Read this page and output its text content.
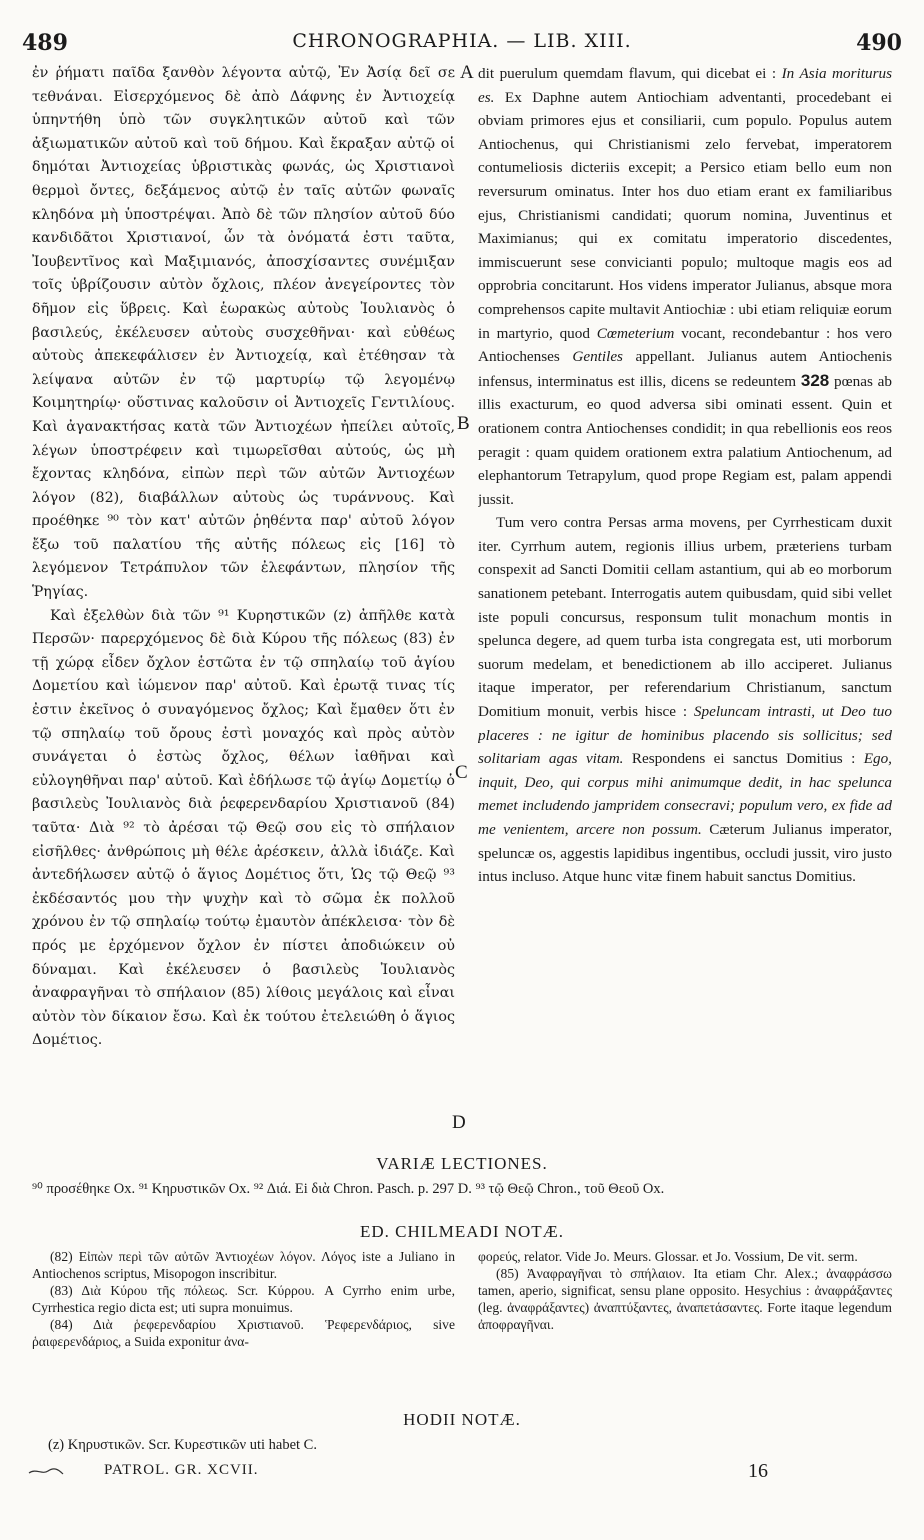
489	CHRONOGRAPHIA. — LIB. XIII.	490

ἐν ῥήματι παῖδα ξανθὸν λέγοντα αὐτῷ, Ἐν Ἀσίᾳ δεῖ σε τεθνάναι. Εἰσερχόμενος δὲ ἀπὸ Δάφνης ἐν Ἀντιοχείᾳ ὑπηντήθη ὑπὸ τῶν συγκλητικῶν αὐτοῦ καὶ τῶν ἀξιωματικῶν αὐτοῦ καὶ τοῦ δήμου. Καὶ ἔκραξαν αὐτῷ οἱ δημόται Ἀντιοχείας ὑβριστικὰς φωνάς, ὡς Χριστιανοὶ θερμοὶ ὄντες, δεξάμενος αὐτῷ ἐν ταῖς αὐτῶν φωναῖς κληδόνα μὴ ὑποστρέψαι. Ἀπὸ δὲ τῶν πλησίον αὐτοῦ δύο κανδιδᾶτοι Χριστιανοί, ὧν τὰ ὀνόματά ἐστι ταῦτα, Ἰουβεντῖνος καὶ Μαξιμιανός, ἀποσχίσαντες συνέμιξαν τοῖς ὑβρίζουσιν αὐτὸν ὄχλοις, πλέον ἀνεγείροντες τὸν δῆμον εἰς ὕβρεις. Καὶ ἑωρακὼς αὐτοὺς Ἰουλιανὸς ὁ βασιλεύς, ἐκέλευσεν αὐτοὺς συσχεθῆναι· καὶ εὐθέως αὐτοὺς ἀπεκεφάλισεν ἐν Ἀντιοχείᾳ, καὶ ἐτέθησαν τὰ λείψανα αὐτῶν ἐν τῷ μαρτυρίῳ τῷ λεγομένῳ Κοιμητηρίῳ· οὕστινας καλοῦσιν οἱ Ἀντιοχεῖς Γεντιλίους. Καὶ ἀγανακτήσας κατὰ τῶν Ἀντιοχέων ἠπείλει αὐτοῖς, λέγων ὑποστρέφειν καὶ τιμωρεῖσθαι αὐτούς, ὡς μὴ ἔχοντας κληδόνα, εἰπὼν περὶ τῶν αὐτῶν Ἀντιοχέων λόγον (82), διαβάλλων αὐτοὺς ὡς τυράννους. Καὶ προέθηκε ⁹⁰ τὸν κατ' αὐτῶν ῥηθέντα παρ' αὐτοῦ λόγον ἔξω τοῦ παλατίου τῆς αὐτῆς πόλεως εἰς [16] τὸ λεγόμενον Τετράπυλον τῶν ἐλεφάντων, πλησίον τῆς Ῥηγίας.

Καὶ ἐξελθὼν διὰ τῶν ⁹¹ Κυρηστικῶν (z) ἀπῆλθε κατὰ Περσῶν· παρερχόμενος δὲ διὰ Κύρου τῆς πόλεως (83) ἐν τῇ χώρᾳ εἶδεν ὄχλον ἑστῶτα ἐν τῷ σπηλαίῳ τοῦ ἁγίου Δομετίου καὶ ἰώμενον παρ' αὐτοῦ. Καὶ ἐρωτᾷ τινας τίς ἐστιν ἐκεῖνος ὁ συναγόμενος ὄχλος; Καὶ ἔμαθεν ὅτι ἐν τῷ σπηλαίῳ τοῦ ὄρους ἐστὶ μοναχός καὶ πρὸς αὐτὸν συνάγεται ὁ ἐστὼς ὄχλος, θέλων ἰαθῆναι καὶ εὐλογηθῆναι παρ' αὐτοῦ. Καὶ ἐδήλωσε τῷ ἁγίῳ Δομετίῳ ὁ βασιλεὺς Ἰουλιανὸς διὰ ῥεφερενδαρίου Χριστιανοῦ (84) ταῦτα· Διὰ ⁹² τὸ ἀρέσαι τῷ Θεῷ σου εἰς τὸ σπήλαιον εἰσῆλθες· ἀνθρώποις μὴ θέλε ἀρέσκειν, ἀλλὰ ἰδιάζε. Καὶ ἀντεδήλωσεν αὐτῷ ὁ ἅγιος Δομέτιος ὅτι, Ὡς τῷ Θεῷ ⁹³ ἐκδέσαντός μου τὴν ψυχὴν καὶ τὸ σῶμα ἐκ πολλοῦ χρόνου ἐν τῷ σπηλαίῳ τούτῳ ἐμαυτὸν ἀπέκλεισα· τὸν δὲ πρός με ἐρχόμενον ὄχλον ἐν πίστει ἀποδιώκειν οὐ δύναμαι. Καὶ ἐκέλευσεν ὁ βασιλεὺς Ἰουλιανὸς ἀναφραγῆναι τὸ σπήλαιον (85) λίθοις μεγάλοις καὶ εἶναι αὐτὸν τὸν δίκαιον ἔσω. Καὶ ἐκ τούτου ἐτελειώθη ὁ ἅγιος Δομέτιος.

A
B
C
D

dit puerulum quemdam flavum, qui dicebat ei : In Asia moriturus es. Ex Daphne autem Antiochiam adventanti, procedebant ei obviam primores ejus et consiliarii, cum populo. Populus autem Antiochenus, qui Christianismi zelo fervebat, imperatorem contumeliosis dicteriis excepit; a Persico etiam bello eum non reversurum ominatus. Inter hos duo etiam erant ex familiaribus ejus, Christianismi candidati; quorum nomina, Juventinus et Maximianus; qui ex comitatu imperatorio discedentes, immiscuerunt sese convicianti populo; multoque magis eos ad opprobria concitarunt. Hos videns imperator Julianus, absque mora comprehensos capite multavit Antiochiæ : ubi etiam reliquiæ eorum in martyrio, quod Cœmeterium vocant, recondebantur : hos vero Antiochenses Gentiles appellant. Julianus autem Antiochenis infensus, interminatus est illis, dicens se redeuntem 328 pœnas ab illis exacturum, eo quod adversa sibi ominati essent. Quin et orationem contra Antiochenses condidit; in qua rebellionis eos reos peragit : quam quidem orationem extra palatium Antiochenum, ad elephantorum Tetrapylum, quod prope Regiam est, palam appendi jussit.

Tum vero contra Persas arma movens, per Cyrrhesticam duxit iter. Cyrrhum autem, regionis illius urbem, præteriens turbam conspexit ad Sancti Domitii cellam astantium, qui ab eo morborum sanationem petebant. Interrogatis autem quibusdam, quid sibi vellet iste populi concursus, responsum tulit monachum montis in spelunca degere, ad quem turba ista congregata est, uti morborum suorum medelam, et benedictionem ab illo acciperet. Julianus itaque imperator, per referendarium Christianum, sanctum Domitium monuit, verbis hisce : Speluncam intrasti, ut Deo tuo placeres : ne igitur de hominibus placendo sis sollicitus; sed solitariam agas vitam. Respondens ei sanctus Domitius : Ego, inquit, Deo, qui corpus mihi animumque dedit, in hac spelunca memet includendo jampridem consecravi; populum vero, ex fide ad me venientem, arcere non possum. Cæterum Julianus imperator, speluncæ os, aggestis lapidibus ingentibus, occludi jussit, viro justo intus incluso. Atque hunc vitæ finem habuit sanctus Domitius.

VARIÆ LECTIONES.
⁹⁰ προσέθηκε Ox. ⁹¹ Κηρυστικῶν Ox. ⁹² Διά. Ei διὰ Chron. Pasch. p. 297 D. ⁹³ τῷ Θεῷ Chron., τοῦ Θεοῦ Ox.
ED. CHILMEADI NOTÆ.

(82) Εἰπὼν περὶ τῶν αὐτῶν Ἀντιοχέων λόγον. Λόγος iste a Juliano in Antiochenos scriptus, Misopogon inscribitur.

(83) Διὰ Κύρου τῆς πόλεως. Scr. Κύρρου. A Cyrrho enim urbe, Cyrrhestica regio dicta est; uti supra monuimus.

(84) Διὰ ῥεφερενδαρίου Χριστιανοῦ. Ῥεφερενδάριος, sive ῥαιφερενδάριος, a Suida exponitur ἀνα-

φορεύς, relator. Vide Jo. Meurs. Glossar. et Jo. Vossium, De vit. serm.

(85) Ἀναφραγῆναι τὸ σπήλαιον. Ita etiam Chr. Alex.; ἀναφράσσω tamen, aperio, significat, sensu plane opposito. Hesychius : ἀναφράξαντες (leg. ἀναφράξαντες) ἀναπτύξαντες, ἀναπετάσαντες. Forte itaque legendum ἀποφραγῆναι.

HODII NOTÆ.
(z) Κηρυστικῶν. Scr. Κυρεστικῶν uti habet C.
PATROL. GR. XCVII.	16
